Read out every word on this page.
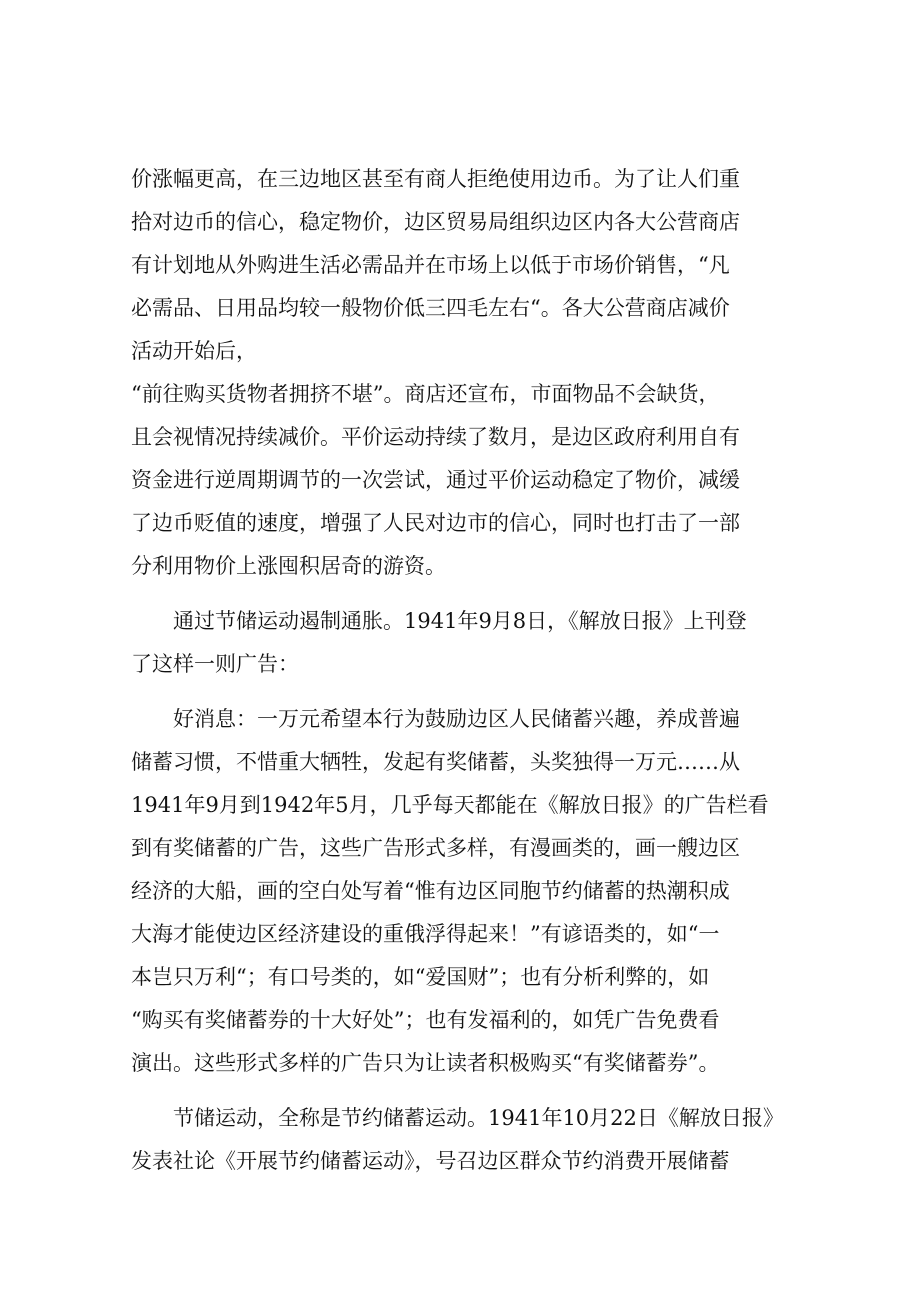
价涨幅更高，在三边地区甚至有商人拒绝使用边币。为了让人们重
拾对边币的信心，稳定物价，边区贸易局组织边区内各大公营商店
有计划地从外购进生活必需品并在市场上以低于市场价销售，“凡
必需品、日用品均较一般物价低三四毛左右“。各大公营商店减价
活动开始后，

“前往购买货物者拥挤不堪”。商店还宣布，市面物品不会缺货，
且会视情况持续减价。平价运动持续了数月，是边区政府利用自有
资金进行逆周期调节的一次尝试，通过平价运动稳定了物价，减缓
了边币贬值的速度，增强了人民对边市的信心，同时也打击了一部
分利用物价上涨囤积居奇的游资。

通过节储运动遏制通胀。1941年9月8日，《解放日报》上刊登
了这样一则广告：

好消息：一万元希望本行为鼓励边区人民储蓄兴趣，养成普遍
储蓄习惯，不惜重大牺牲，发起有奖储蓄，头奖独得一万元……从
1941年9月到1942年5月，几乎每天都能在《解放日报》的广告栏看
到有奖储蓄的广告，这些广告形式多样，有漫画类的，画一艘边区
经济的大船，画的空白处写着“惟有边区同胞节约储蓄的热潮积成
大海才能使边区经济建设的重俄浮得起来！”有谚语类的，如“一
本岂只万利“；有口号类的，如“爱国财”；也有分析利弊的，如
“购买有奖储蓄券的十大好处”；也有发福利的，如凭广告免费看
演出。这些形式多样的广告只为让读者积极购买“有奖储蓄券”。

节储运动，全称是节约储蓄运动。1941年10月22日《解放日报》
发表社论《开展节约储蓄运动》，号召边区群众节约消费开展储蓄
